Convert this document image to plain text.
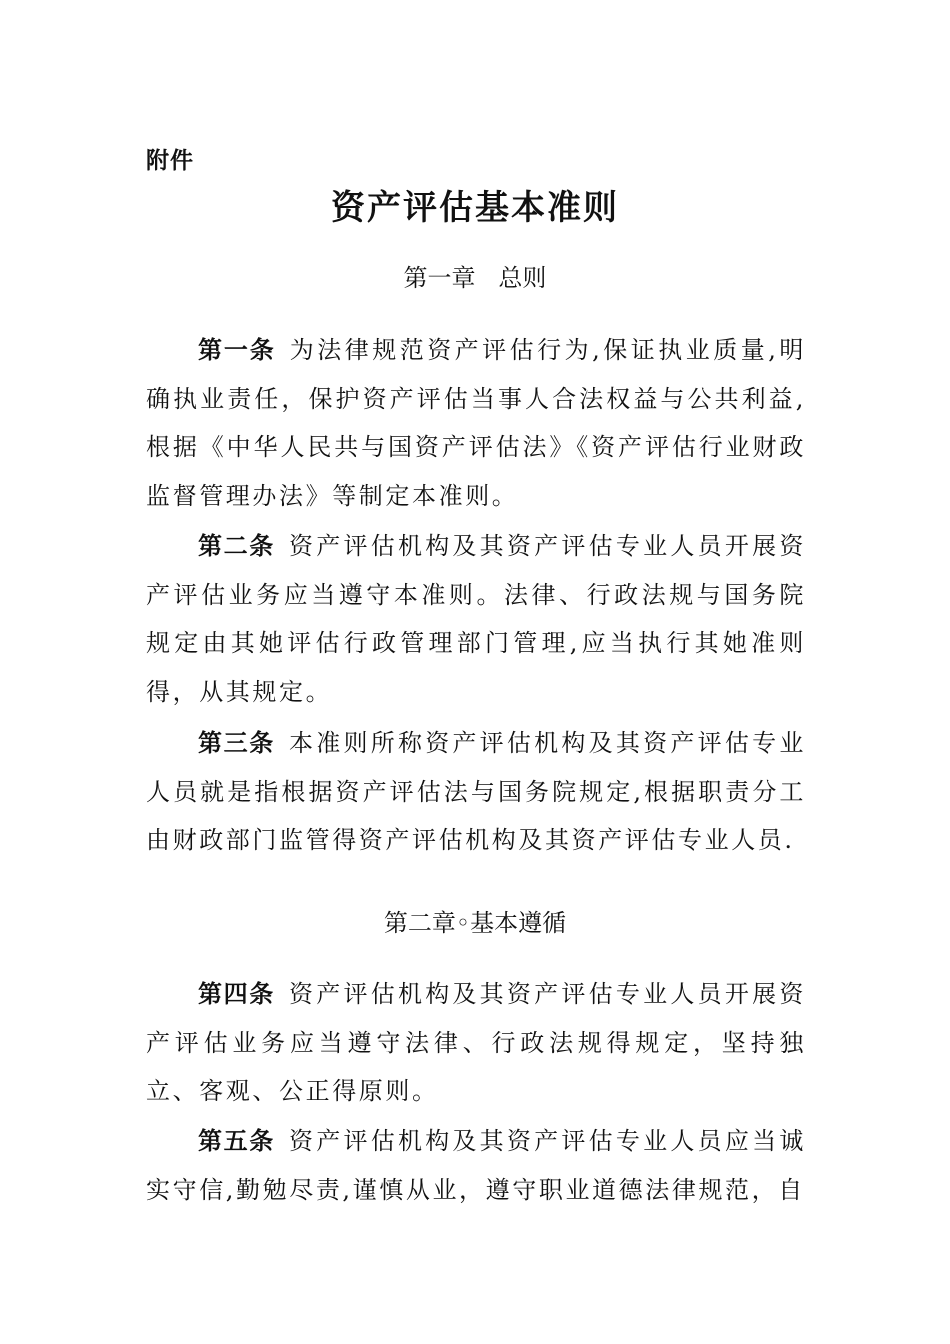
附件
资产评估基本准则
第一章   总则
第一条 为法律规范资产评估行为,保证执业质量,明确执业责任，保护资产评估当事人合法权益与公共利益,根据《中华人民共与国资产评估法》《资产评估行业财政监督管理办法》等制定本准则。
第二条 资产评估机构及其资产评估专业人员开展资产评估业务应当遵守本准则。法律、行政法规与国务院规定由其她评估行政管理部门管理,应当执行其她准则得，从其规定。
第三条 本准则所称资产评估机构及其资产评估专业人员就是指根据资产评估法与国务院规定,根据职责分工由财政部门监管得资产评估机构及其资产评估专业人员.
第二章◦基本遵循
第四条 资产评估机构及其资产评估专业人员开展资产评估业务应当遵守法律、行政法规得规定，坚持独立、客观、公正得原则。
第五条 资产评估机构及其资产评估专业人员应当诚实守信,勤勉尽责,谨慎从业，遵守职业道德法律规范，自
